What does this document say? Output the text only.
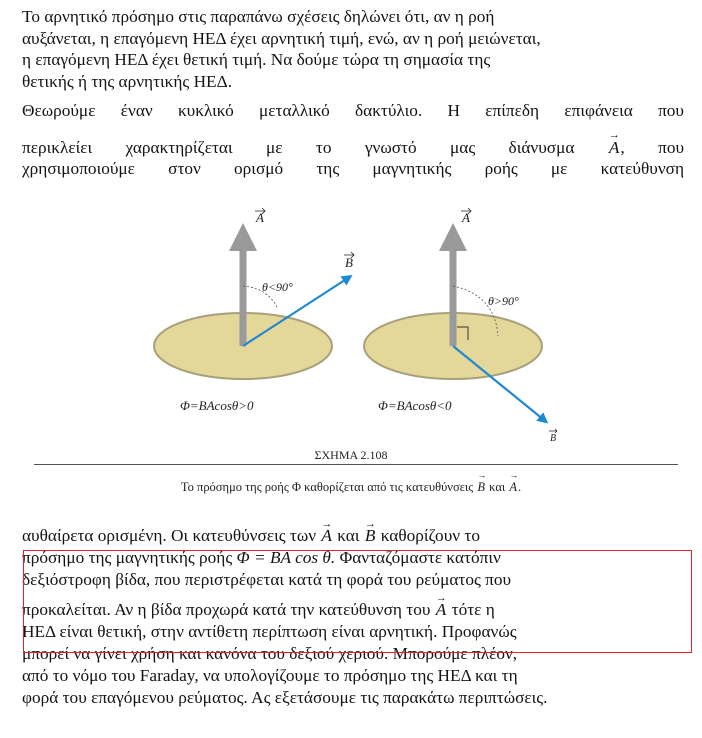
Το αρνητικό πρόσημο στις παραπάνω σχέσεις δηλώνει ότι, αν η ροή
αυξάνεται, η επαγόμενη ΗΕΔ έχει αρνητική τιμή, ενώ, αν η ροή μειώνεται,
η επαγόμενη ΗΕΔ έχει θετική τιμή. Να δούμε τώρα τη σημασία της
θετικής ή της αρνητικής ΗΕΔ.
Θεωρούμε έναν κυκλικό μεταλλικό δακτύλιο. Η επίπεδη επιφάνεια που
περικλείει χαρακτηρίζεται με το γνωστό μας διάνυσμα → A, που
χρησιμοποιούμε στον ορισμό της μαγνητικής ροής με κατεύθυνση
A
B
θ<90°
Φ=BAcosθ>0
A
θ>90°
B
Φ=BAcosθ<0
ΣΧΗΜΑ 2.108
Το πρόσημο της ροής Φ καθορίζεται από τις κατευθύνσεις → B και → A.
αυθαίρετα ορισμένη. Οι κατευθύνσεις των → A και → B καθορίζουν το
πρόσημο της μαγνητικής ροής Φ = BA cos θ. Φανταζόμαστε κατόπιν
δεξιόστροφη βίδα, που περιστρέφεται κατά τη φορά του ρεύματος που
προκαλείται. Αν η βίδα προχωρά κατά την κατεύθυνση του → A τότε η
ΗΕΔ είναι θετική, στην αντίθετη περίπτωση είναι αρνητική. Προφανώς
μπορεί να γίνει χρήση και κανόνα του δεξιού χεριού. Μπορούμε πλέον,
από το νόμο του Faraday, να υπολογίζουμε το πρόσημο της ΗΕΔ και τη
φορά του επαγόμενου ρεύματος. Ας εξετάσουμε τις παρακάτω περιπτώσεις.
